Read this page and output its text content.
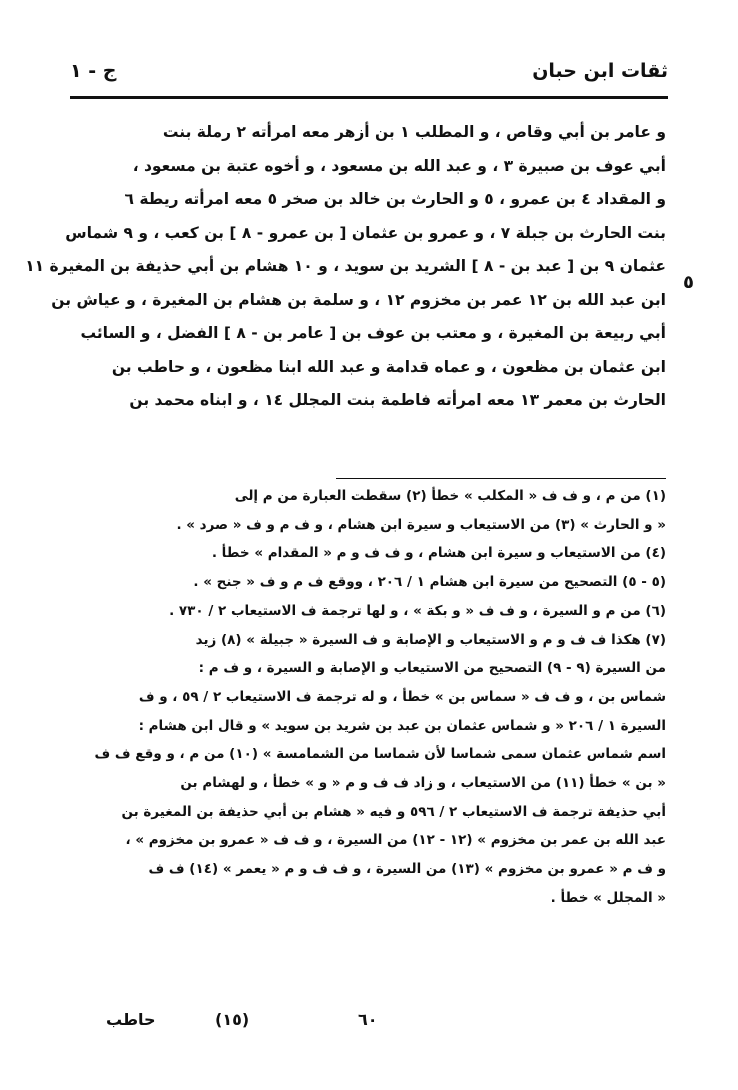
ثقات ابن حبان
ج - ١
٥
و عامر بن أبي وقاص ، و المطلب ١ بن أزهر معه امرأته ٢ رملة بنت
أبي عوف بن صبيرة ٣ ، و عبد الله بن مسعود ، و أخوه عتبة بن مسعود ،
و المقداد ٤ بن عمرو ، ٥ و الحارث بن خالد بن صخر ٥ معه امرأته ريطة ٦
بنت الحارث بن جبلة ٧ ، و عمرو بن عثمان [ بن عمرو - ٨ ] بن كعب ، و ٩ شماس
عثمان ٩ بن [ عبد بن - ٨ ] الشريد بن سويد ، و ١٠ هشام بن أبي حذيفة بن المغيرة ١١
ابن عبد الله بن ١٢ عمر بن مخزوم ١٢ ، و سلمة بن هشام بن المغيرة ، و عياش بن
أبي ربيعة بن المغيرة ، و معتب بن عوف بن [ عامر بن - ٨ ] الفضل ، و السائب
ابن عثمان بن مظعون ، و عماه قدامة و عبد الله ابنا مظعون ، و حاطب بن
الحارث بن معمر ١٣ معه امرأته فاطمة بنت المجلل ١٤ ، و ابناه محمد بن
(١) من م ، و ف ف « المكلب » خطأ (٢) سقطت العبارة من م إلى
« و الحارث » (٣) من الاستيعاب و سيرة ابن هشام ، و ف م و ف « صرد » .
(٤) من الاستيعاب و سيرة ابن هشام ، و ف ف و م « المقدام » خطأ .
(٥ - ٥) التصحيح من سيرة ابن هشام ١ / ٢٠٦ ، ووقع ف م و ف « جنح » .
(٦) من م و السيرة ، و ف ف « و بكة » ، و لها ترجمة ف الاستيعاب ٢ / ٧٣٠ .
(٧) هكذا ف ف و م و الاستيعاب و الإصابة و ف السيرة « جبيلة » (٨) زيد
من السيرة (٩ - ٩) التصحيح من الاستيعاب و الإصابة و السيرة ، و ف م :
شماس بن ، و ف ف « سماس بن » خطأ ، و له ترجمة ف الاستيعاب ٢ / ٥٩ ، و ف
السيرة ١ / ٢٠٦ « و شماس عثمان بن عبد بن شريد بن سويد » و قال ابن هشام :
اسم شماس عثمان سمى شماسا لأن شماسا من الشمامسة » (١٠) من م ، و وقع ف ف
« بن » خطأ (١١) من الاستيعاب ، و زاد ف ف و م « و » خطأ ، و لهشام بن
أبي حذيفة ترجمة ف الاستيعاب ٢ / ٥٩٦ و فيه « هشام بن أبي حذيفة بن المغيرة بن
عبد الله بن عمر بن مخزوم » (١٢ - ١٢) من السيرة ، و ف ف « عمرو بن مخزوم » ،
و ف م « عمرو بن مخزوم » (١٣) من السيرة ، و ف ف و م « يعمر » (١٤) ف ف
« المجلل » خطأ .
٦٠
(١٥)
حاطب
